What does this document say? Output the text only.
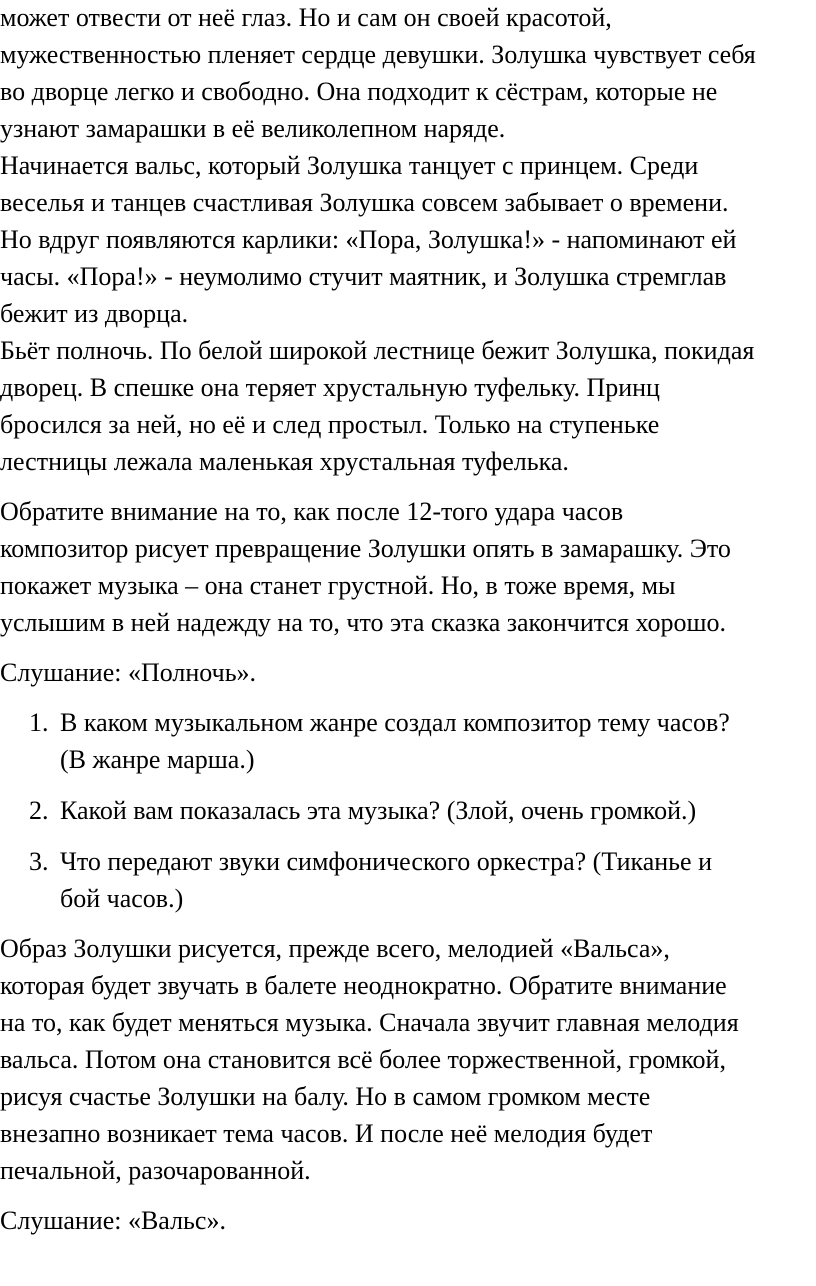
может отвести от неё глаз. Но и сам он своей красотой,
мужественностью пленяет сердце девушки. Золушка чувствует себя
во дворце легко и свободно. Она подходит к сёстрам, которые не
узнают замарашки в её великолепном наряде.

Начинается вальс, который Золушка танцует с принцем. Среди
веселья и танцев счастливая Золушка совсем забывает о времени.
Но вдруг появляются карлики: «Пора, Золушка!» - напоминают ей
часы. «Пора!» - неумолимо стучит маятник, и Золушка стремглав
бежит из дворца.

Бьёт полночь. По белой широкой лестнице бежит Золушка, покидая
дворец. В спешке она теряет хрустальную туфельку. Принц
бросился за ней, но её и след простыл. Только на ступеньке
лестницы лежала маленькая хрустальная туфелька.

Обратите внимание на то, как после 12-того удара часов
композитор рисует превращение Золушки опять в замарашку. Это
покажет музыка – она станет грустной. Но, в тоже время, мы
услышим в ней надежду на то, что эта сказка закончится хорошо.
Слушание: «Полночь».
1. В каком музыкальном жанре создал композитор тему часов?
(В жанре марша.)
2. Какой вам показалась эта музыка? (Злой, очень громкой.)
3. Что передают звуки симфонического оркестра? (Тиканье и
бой часов.)
Образ Золушки рисуется, прежде всего, мелодией «Вальса»,
которая будет звучать в балете неоднократно. Обратите внимание
на то, как будет меняться музыка. Сначала звучит главная мелодия
вальса. Потом она становится всё более торжественной, громкой,
рисуя счастье Золушки на балу. Но в самом громком месте
внезапно возникает тема часов. И после неё мелодия будет
печальной, разочарованной.
Слушание: «Вальс».
